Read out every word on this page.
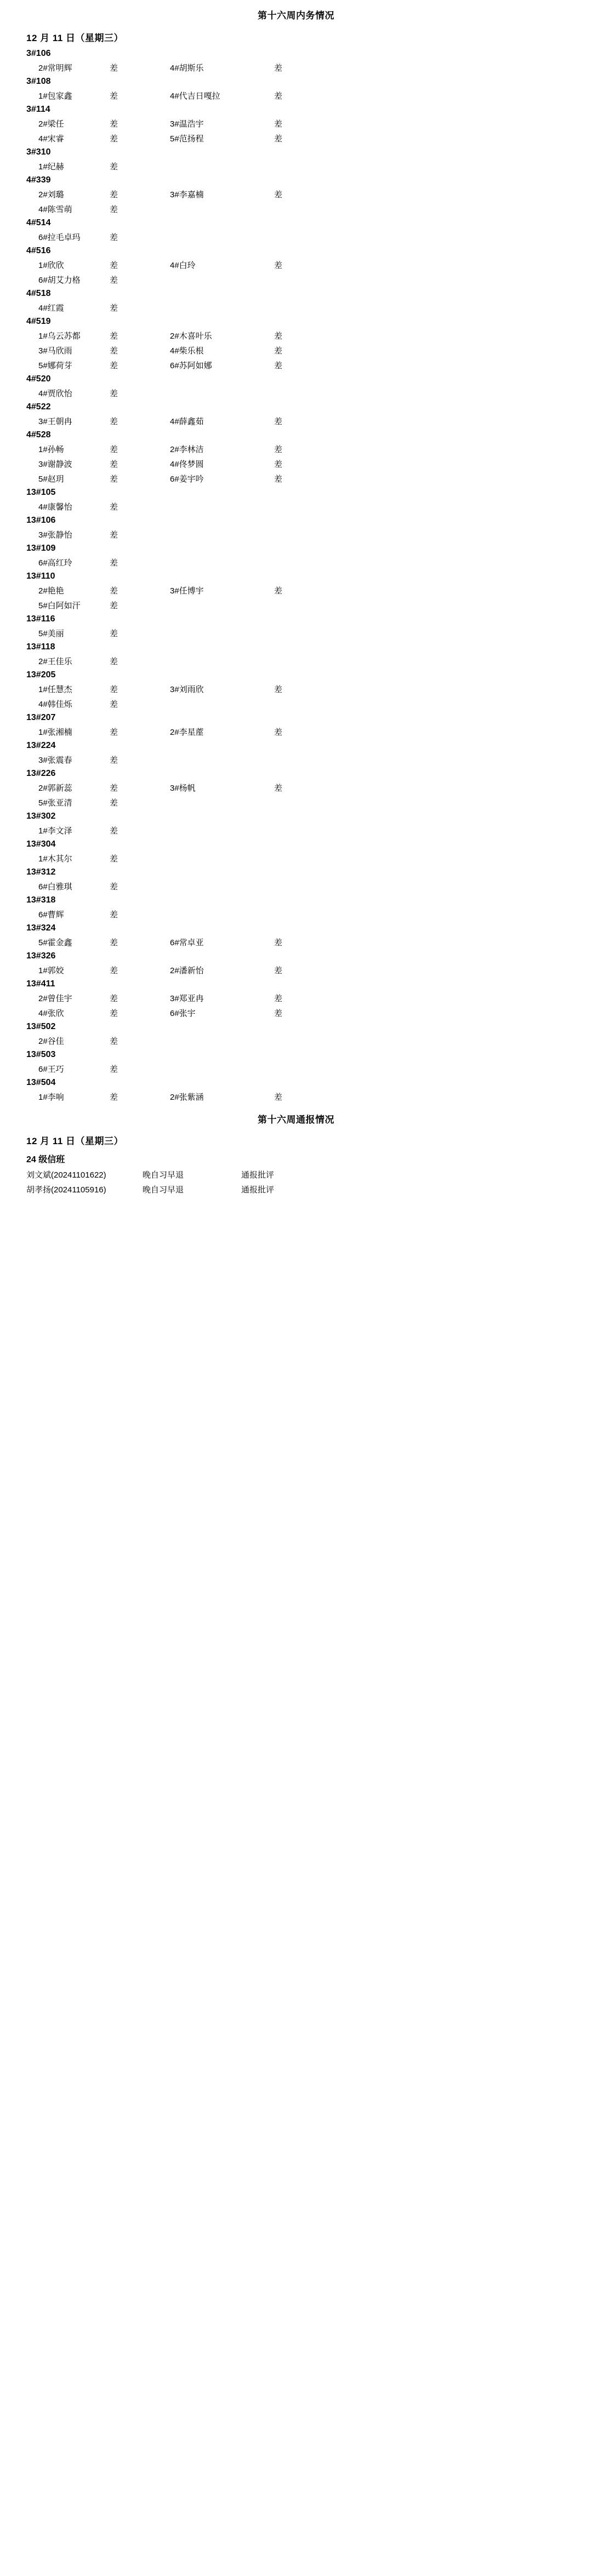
第十六周内务情况
12 月 11 日（星期三）
3#106
2#常明辉	差	4#胡斯乐	差
3#108
1#包家鑫	差	4#代吉日嘎拉	差
3#114
2#梁任	差	3#温浩宇	差
4#宋睿	差	5#范扬程	差
3#310
1#纪赫	差
4#339
2#刘璐	差	3#李嘉楠	差
4#陈雪萌	差
4#514
6#拉毛卓玛	差
4#516
1#欣欣	差	4#白玲	差
6#胡艾力格	差
4#518
4#红霞	差
4#519
1#乌云苏都	差	2#木喜叶乐	差
3#马欣雨	差	4#柴乐根	差
5#娜荷芽	差	6#苏阿如娜	差
4#520
4#贾欣怡	差
4#522
3#王朝冉	差	4#薛鑫茹	差
4#528
1#孙畅	差	2#李林洁	差
3#谢静波	差	4#佟梦圆	差
5#赵玥	差	6#姜宇吟	差
13#105
4#康馨怡	差
13#106
3#张静怡	差
13#109
6#高红玲	差
13#110
2#艳艳	差	3#任博宇	差
5#白阿如汗	差
13#116
5#美丽	差
13#118
2#王佳乐	差
13#205
1#任慧杰	差	3#刘雨欣	差
4#韩佳烁	差
13#207
1#张湘楠	差	2#李星蓙	差
13#224
3#张震春	差
13#226
2#郭新蕊	差	3#杨帆	差
5#张亚清	差
13#302
1#李文泽	差
13#304
1#木其尔	差
13#312
6#白雅琪	差
13#318
6#曹辉	差
13#324
5#霍金鑫	差	6#常卓亚	差
13#326
1#郭姣	差	2#潘新怡	差
13#411
2#曾佳宇	差	3#郑亚冉	差
4#张欣	差	6#张宇	差
13#502
2#谷佳	差
13#503
6#王巧	差
13#504
1#李响	差	2#张紫涵	差
第十六周通报情况
12 月 11 日（星期三）
24 级信班
刘文斌(20241101622)	晚自习早退	通报批评
胡孝扬(20241105916)	晚自习早退	通报批评
